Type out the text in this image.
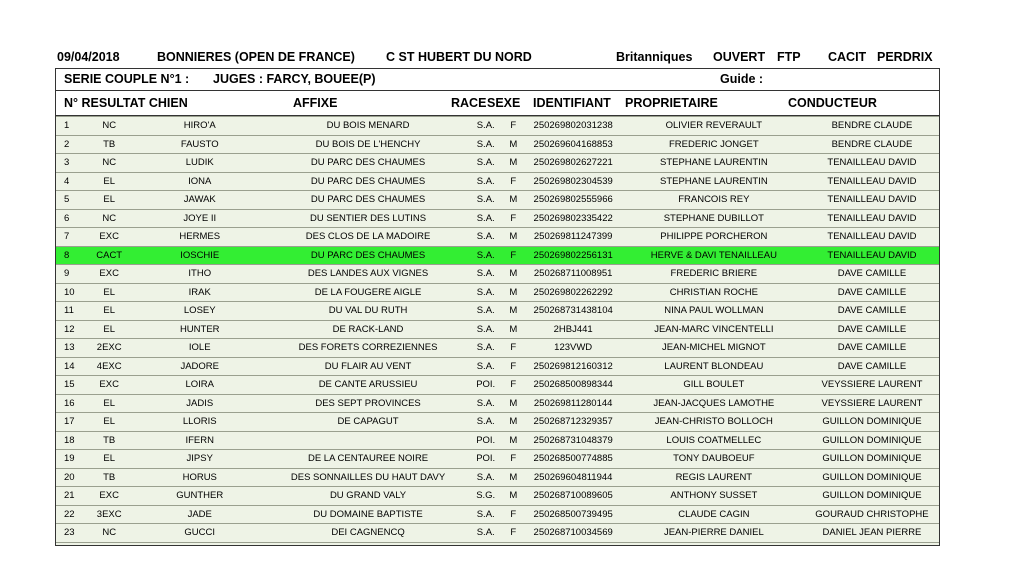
09/04/2018	BONNIERES (OPEN DE FRANCE) C ST HUBERT DU NORD	Britanniques OUVERT FTP CACIT PERDRIX
SERIE COUPLE N°1 : JUGES : FARCY, BOUEE(P)	Guide :
N° RESULTAT CHIEN	AFFIXE	RACE SEXE IDENTIFIANT PROPRIETAIRE	CONDUCTEUR
1	NC	HIRO'A	DU BOIS MENARD	S.A.	F	250269802031238	OLIVIER REVERAULT	BENDRE CLAUDE
2	TB	FAUSTO	DU BOIS DE L'HENCHY	S.A.	M	250269604168853	FREDERIC JONGET	BENDRE CLAUDE
3	NC	LUDIK	DU PARC DES CHAUMES	S.A.	M	250269802627221	STEPHANE LAURENTIN	TENAILLEAU DAVID
4	EL	IONA	DU PARC DES CHAUMES	S.A.	F	250269802304539	STEPHANE LAURENTIN	TENAILLEAU DAVID
5	EL	JAWAK	DU PARC DES CHAUMES	S.A.	M	250269802555966	FRANCOIS REY	TENAILLEAU DAVID
6	NC	JOYE II	DU SENTIER DES LUTINS	S.A.	F	250269802335422	STEPHANE DUBILLOT	TENAILLEAU DAVID
7	EXC	HERMES	DES CLOS DE LA MADOIRE	S.A.	M	250269811247399	PHILIPPE PORCHERON	TENAILLEAU DAVID
8	CACT	IOSCHIE	DU PARC DES CHAUMES	S.A.	F	250269802256131	HERVE & DAVI TENAILLEAU	TENAILLEAU DAVID
9	EXC	ITHO	DES LANDES AUX VIGNES	S.A.	M	250268711008951	FREDERIC BRIERE	DAVE CAMILLE
10	EL	IRAK	DE LA FOUGERE AIGLE	S.A.	M	250269802262292	CHRISTIAN ROCHE	DAVE CAMILLE
11	EL	LOSEY	DU VAL DU RUTH	S.A.	M	250268731438104	NINA PAUL WOLLMAN	DAVE CAMILLE
12	EL	HUNTER	DE RACK-LAND	S.A.	M	2HBJ441	JEAN-MARC VINCENTELLI	DAVE CAMILLE
13	2EXC	IOLE	DES FORETS CORREZIENNES	S.A.	F	123VWD	JEAN-MICHEL MIGNOT	DAVE CAMILLE
14	4EXC	JADORE	DU FLAIR AU VENT	S.A.	F	250269812160312	LAURENT BLONDEAU	DAVE CAMILLE
15	EXC	LOIRA	DE CANTE ARUSSIEU	POI.	F	250268500898344	GILL BOULET	VEYSSIERE LAURENT
16	EL	JADIS	DES SEPT PROVINCES	S.A.	M	250269811280144	JEAN-JACQUES LAMOTHE	VEYSSIERE LAURENT
17	EL	LLORIS	DE CAPAGUT	S.A.	M	250268712329357	JEAN-CHRISTO BOLLOCH	GUILLON DOMINIQUE
18	TB	IFERN		POI.	M	250268731048379	LOUIS COATMELLEC	GUILLON DOMINIQUE
19	EL	JIPSY	DE LA CENTAUREE NOIRE	POI.	F	250268500774885	TONY DAUBOEUF	GUILLON DOMINIQUE
20	TB	HORUS	DES SONNAILLES DU HAUT DAVY	S.A.	M	250269604811944	REGIS LAURENT	GUILLON DOMINIQUE
21	EXC	GUNTHER	DU GRAND VALY	S.G.	M	250268710089605	ANTHONY SUSSET	GUILLON DOMINIQUE
22	3EXC	JADE	DU DOMAINE BAPTISTE	S.A.	F	250268500739495	CLAUDE CAGIN	GOURAUD CHRISTOPHE
23	NC	GUCCI	DEI CAGNENCQ	S.A.	F	250268710034569	JEAN-PIERRE DANIEL	DANIEL JEAN PIERRE
